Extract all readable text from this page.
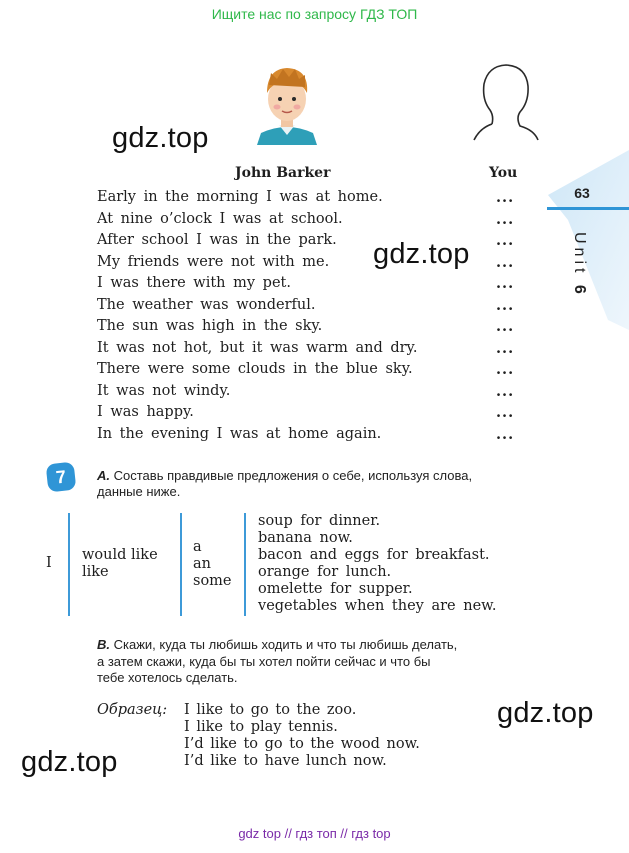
Ищите нас по запросу ГДЗ ТОП
63
Unit 6
gdz.top
gdz.top
gdz.top
gdz.top
John Barker	You
Early in the morning I was at home.
At nine o’clock I was at school.
After school I was in the park.
My friends were not with me.
I was there with my pet.
The weather was wonderful.
The sun was high in the sky.
It was not hot, but it was warm and dry.
There were some clouds in the blue sky.
It was not windy.
I was happy.
In the evening I was at home again.
...
...
...
...
...
...
...
...
...
...
...
...
7	A. Составь правдивые предложения о себе, используя слова,
данные ниже.
I would like
like
a
an
some
soup for dinner.
banana now.
bacon and eggs for breakfast.
orange for lunch.
omelette for supper.
vegetables when they are new.
B. Скажи, куда ты любишь ходить и что ты любишь делать,
а затем скажи, куда бы ты хотел пойти сейчас и что бы
тебе хотелось сделать.
Образец: I like to go to the zoo.
I like to play tennis.
I’d like to go to the wood now.
I’d like to have lunch now.
gdz top // гдз топ // гдз top
